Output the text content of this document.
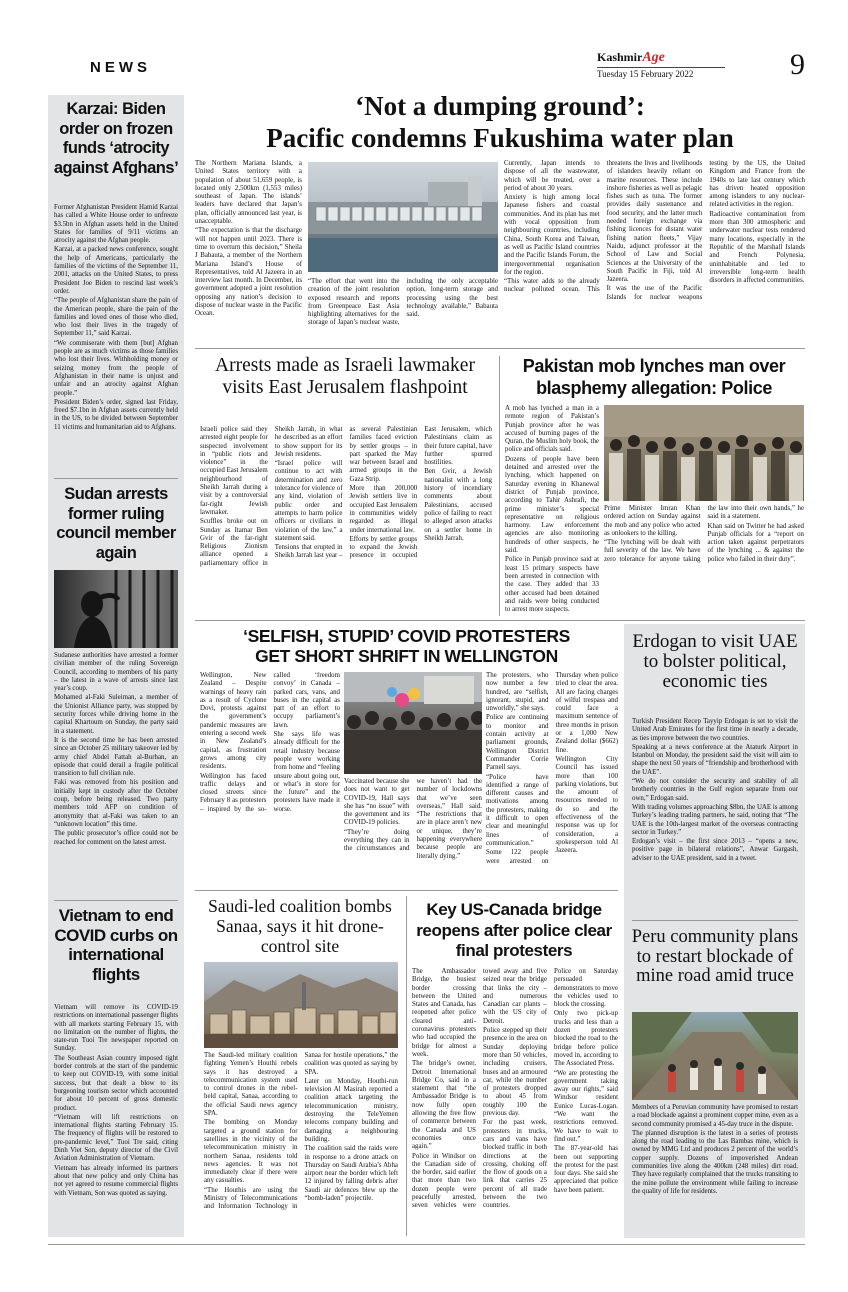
NEWS
KashmirAge
Tuesday 15 February 2022	9
Karzai: Biden order on frozen funds ‘atrocity against Afghans’

Former Afghanistan President Hamid Karzai has called a White House order to unfreeze $3.5bn in Afghan assets held in the United States for families of 9/11 victims an atrocity against the Afghan people.

Karzai, at a packed news conference, sought the help of Americans, particularly the families of the victims of the September 11, 2001, attacks on the United States, to press President Joe Biden to rescind last week’s order.

“The people of Afghanistan share the pain of the American people, share the pain of the families and loved ones of those who died, who lost their lives in the tragedy of September 11,” said Karzai.

“We commiserate with them [but] Afghan people are as much victims as those families who lost their lives. Withholding money or seizing money from the people of Afghanistan in their name is unjust and unfair and an atrocity against Afghan people.”

President Biden’s order, signed last Friday, freed $7.1bn in Afghan assets currently held in the US, to be divided between September 11 victims and humanitarian aid to Afghans.

Sudan arrests former ruling council member again

Sudanese authorities have arrested a former civilian member of the ruling Sovereign Council, according to members of his party – the latest in a wave of arrests since last year’s coup.

Mohamed al-Faki Suleiman, a member of the Unionist Alliance party, was stopped by security forces while driving home in the capital Khartoum on Sunday, the party said in a statement.

It is the second time he has been arrested since an October 25 military takeover led by army chief Abdel Fattah al-Burhan, an episode that could derail a fragile political transition to full civilian rule.

Faki was removed from his position and initially kept in custody after the October coup, before being released. Two party members told AFP on condition of anonymity that al-Faki was taken to an “unknown location” this time.

The public prosecutor’s office could not be reached for comment on the latest arrest.

Vietnam to end COVID curbs on international flights

Vietnam will remove its COVID-19 restrictions on international passenger flights with all markets starting February 15, with no limitation on the number of flights, the state-run Tuoi Tre newspaper reported on Sunday.

The Southeast Asian country imposed tight border controls at the start of the pandemic to keep out COVID-19, with some initial success, but that dealt a blow to its burgeoning tourism sector which accounted for about 10 percent of gross domestic product.

“Vietnam will lift restrictions on international flights starting February 15. The frequency of flights will be restored to pre-pandemic level,” Tuoi Tre said, citing Dinh Viet Son, deputy director of the Civil Aviation Administration of Vietnam.

Vietnam has already informed its partners about that new policy and only China has not yet agreed to resume commercial flights with Vietnam, Son was quoted as saying.

‘Not a dumping ground’:
Pacific condemns Fukushima water plan

The Northern Mariana Islands, a United States territory with a population of about 51,659 people, is located only 2,500km (1,553 miles) southeast of Japan. The islands’ leaders have declared that Japan’s plan, officially announced last year, is unacceptable.

“The expectation is that the discharge will not happen until 2023. There is time to overturn this decision,” Sheila J Babauta, a member of the Northern Mariana Island’s House of Representatives, told Al Jazeera in an interview last month. In December, its government adopted a joint resolution opposing any nation’s decision to dispose of nuclear waste in the Pacific Ocean.

“The effort that went into the creation of the joint resolution exposed research and reports from Greenpeace East Asia highlighting alternatives for the storage of Japan’s nuclear waste, including the only acceptable option, long-term storage and processing using the best technology available,” Babauta said.

Currently, Japan intends to dispose of all the wastewater, which will be treated, over a period of about 30 years.

Anxiety is high among local Japanese fishers and coastal communities. And its plan has met with vocal opposition from neighbouring countries, including China, South Korea and Taiwan, as well as Pacific Island countries and the Pacific Islands Forum, the intergovernmental organisation for the region.

“This water adds to the already nuclear polluted ocean. This threatens the lives and livelihoods of islanders heavily reliant on marine resources. These include inshore fisheries as well as pelagic fishes such as tuna. The former provides daily sustenance and food security, and the latter much needed foreign exchange via fishing licences for distant water fishing nation fleets,” Vijay Naidu, adjunct professor at the School of Law and Social Sciences at the University of the South Pacific in Fiji, told Al Jazeera.

It was the use of the Pacific Islands for nuclear weapons testing by the US, the United Kingdom and France from the 1940s to late last century which has driven heated opposition among islanders to any nuclear-related activities in the region.

Radioactive contamination from more than 300 atmospheric and underwater nuclear tests rendered many locations, especially in the Republic of the Marshall Islands and French Polynesia, uninhabitable and led to irreversible long-term health disorders in affected communities.

Arrests made as Israeli lawmaker visits East Jerusalem flashpoint

Israeli police said they arrested eight people for suspected involvement in “public riots and violence” in the occupied East Jerusalem neighbourhood of Sheikh Jarrah during a visit by a controversial far-right Jewish lawmaker.

Scuffles broke out on Sunday as Itamar Ben Gvir of the far-right Religious Zionism alliance opened a parliamentary office in Sheikh Jarrah, in what he described as an effort to show support for its Jewish residents.

“Israel police will continue to act with determination and zero tolerance for violence of any kind, violation of public order and attempts to harm police officers or civilians in violation of the law,” a statement said.

Tensions that erupted in Sheikh Jarrah last year – as several Palestinian families faced eviction by settler groups – in part sparked the May war between Israel and armed groups in the Gaza Strip.

More than 200,000 Jewish settlers live in occupied East Jerusalem in communities widely regarded as illegal under international law.

Efforts by settler groups to expand the Jewish presence in occupied East Jerusalem, which Palestinians claim as their future capital, have further spurred hostilities.

Ben Gvir, a Jewish nationalist with a long history of incendiary comments about Palestinians, accused police of failing to react to alleged arson attacks on a settler home in Sheikh Jarrah.

Pakistan mob lynches man over blasphemy allegation: Police

A mob has lynched a man in a remote region of Pakistan’s Punjab province after he was accused of burning pages of the Quran, the Muslim holy book, the police and officials said.

Dozens of people have been detained and arrested over the lynching, which happened on Saturday evening in Khanewal district of Punjab province, according to Tahir Ashrafi, the prime minister’s special representative on religious harmony. Law enforcement agencies are also monitoring hundreds of other suspects, he said.

Police in Punjab province said at least 15 primary suspects have been arrested in connection with the case. They added that 33 other accused had been detained and raids were being conducted to arrest more suspects.

Prime Minister Imran Khan ordered action on Sunday against the mob and any police who acted as onlookers to the killing.

“The lynching will be dealt with full severity of the law. We have zero tolerance for anyone taking the law into their own hands,” he said in a statement.

Khan said on Twitter he had asked Punjab officials for a “report on action taken against perpetrators of the lynching ... & against the police who failed in their duty”.

‘SELFISH, STUPID’ COVID PROTESTERS
GET SHORT SHRIFT IN WELLINGTON

Wellington, New Zealand – Despite warnings of heavy rain as a result of Cyclone Dovi, protests against the government’s pandemic measures are entering a second week in New Zealand’s capital, as frustration grows among city residents.

Wellington has faced traffic delays and closed streets since February 8 as protesters – inspired by the so-called ‘freedom convoy’ in Canada – parked cars, vans, and buses in the capital as part of an effort to occupy parliament’s lawn.

She says life was already difficult for the retail industry because people were working from home and “feeling unsure about going out, or what’s in store for the future” and the protesters have made it worse.

Vaccinated because she does not want to get COVID-19, Hall says she has “no issue” with the government and its COVID-19 policies.

“They’re doing everything they can in the circumstances and we haven’t had the number of lockdowns that we’ve seen overseas,” Hall said. “The restrictions that are in place aren’t new or unique, they’re happening everywhere because people are literally dying.”

The protesters, who now number a few hundred, are “selfish, ignorant, stupid, and unworldly,” she says.

Police are continuing to monitor and contain activity at parliament grounds, Wellington District Commander Corrie Parnell says.

“Police have identified a range of different causes and motivations among the protesters, making it difficult to open clear and meaningful lines of communication.”

Some 122 people were arrested on Thursday when police tried to clear the area. All are facing charges of wilful trespass and could face a maximum sentence of three months in prison or a 1,000 New Zealand dollar ($662) fine.

Wellington City Council has issued more than 100 parking violations, but the amount of resources needed to do so and the effectiveness of the response was up for consideration, a spokesperson told Al Jazeera.

Erdogan to visit UAE to bolster political, economic ties

Turkish President Recep Tayyip Erdogan is set to visit the United Arab Emirates for the first time in nearly a decade, as ties improve between the two countries.

Speaking at a news conference at the Ataturk Airport in Istanbul on Monday, the president said the visit will aim to shape the next 50 years of “friendship and brotherhood with the UAE”.

“We do not consider the security and stability of all brotherly countries in the Gulf region separate from our own,” Erdogan said.

With trading volumes approaching $8bn, the UAE is among Turkey’s leading trading partners, he said, noting that “The UAE is the 10th-largest market of the overseas contracting sector in Turkey.”

Erdogan’s visit – the first since 2013 – “opens a new, positive page in bilateral relations”, Anwar Gargash, adviser to the UAE president, said in a tweet.

Peru community plans to restart blockade of mine road amid truce

Members of a Peruvian community have promised to restart a road blockade against a prominent copper mine, even as a second community promised a 45-day truce in the dispute.

The planned disruption is the latest in a series of protests along the road leading to the Las Bambas mine, which is owned by MMG Ltd and produces 2 percent of the world’s copper supply. Dozens of impoverished Andean communities live along the 400km (248 miles) dirt road. They have regularly complained that the trucks transiting to the mine pollute the environment while failing to increase the quality of life for residents.

Saudi-led coalition bombs Sanaa, says it hit drone-control site

The Saudi-led military coalition fighting Yemen’s Houthi rebels says it has destroyed a telecommunication system used to control drones in the rebel-held capital, Sanaa, according to the official Saudi news agency SPA.

The bombing on Monday targeted a ground station for satellites in the vicinity of the telecommunication ministry in northern Sanaa, residents told news agencies. It was not immediately clear if there were any casualties.

“The Houthis are using the Ministry of Telecommunications and Information Technology in Sanaa for hostile operations,” the coalition was quoted as saying by SPA.

Later on Monday, Houthi-run television Al Masirah reported a coalition attack targeting the telecommunication ministry, destroying the TeleYemen telecoms company building and damaging a neighbouring building.

The coalition said the raids were in response to a drone attack on Thursday on Saudi Arabia’s Abha airport near the border which left 12 injured by falling debris after Saudi air defences blew up the “bomb-laden” projectile.

Key US-Canada bridge reopens after police clear final protesters

The Ambassador Bridge, the busiest border crossing between the United States and Canada, has reopened after police cleared anti-coronavirus protesters who had occupied the bridge for almost a week.

The bridge’s owner, Detroit International Bridge Co, said in a statement that “the Ambassador Bridge is now fully open allowing the free flow of commerce between the Canada and US economies once again.”

Police in Windsor on the Canadian side of the border, said earlier that more than two dozen people were peacefully arrested, seven vehicles were towed away and five seized near the bridge that links the city – and numerous Canadian car plants – with the US city of Detroit.

Police stepped up their presence in the area on Sunday deploying more than 50 vehicles, including cruisers, buses and an armoured car, while the number of protesters dropped to about 45 from roughly 100 the previous day.

For the past week, protesters in trucks, cars and vans have blocked traffic in both directions at the crossing, choking off the flow of goods on a link that carries 25 percent of all trade between the two countries.

Police on Saturday persuaded demonstrators to move the vehicles used to block the crossing.

Only two pick-up trucks and less than a dozen protesters blocked the road to the bridge before police moved in, according to The Associated Press.

“We are protesting the government taking away our rights,” said Windsor resident Eunice Lucas-Logan. “We want the restrictions removed. We have to wait to find out.”

The 87-year-old has been out supporting the protest for the past four days. She said she appreciated that police have been patient.
